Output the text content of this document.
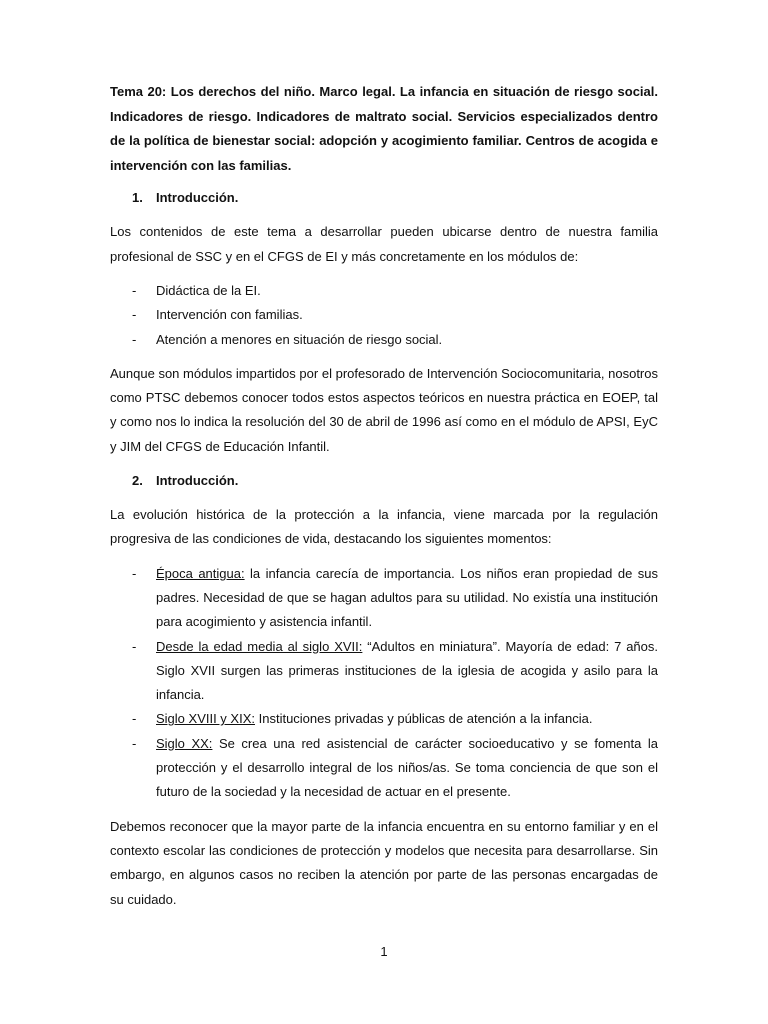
Tema 20: Los derechos del niño. Marco legal. La infancia en situación de riesgo social. Indicadores de riesgo. Indicadores de maltrato social. Servicios especializados dentro de la política de bienestar social: adopción y acogimiento familiar. Centros de acogida e intervención con las familias.

1. Introducción.

Los contenidos de este tema a desarrollar pueden ubicarse dentro de nuestra familia profesional de SSC y en el CFGS de EI y más concretamente en los módulos de:

- Didáctica de la EI.
- Intervención con familias.
- Atención a menores en situación de riesgo social.

Aunque son módulos impartidos por el profesorado de Intervención Sociocomunitaria, nosotros como PTSC debemos conocer todos estos aspectos teóricos en nuestra práctica en EOEP, tal y como nos lo indica la resolución del 30 de abril de 1996 así como en el módulo de APSI, EyC y JIM del CFGS de Educación Infantil.

2. Introducción.

La evolución histórica de la protección a la infancia, viene marcada por la regulación progresiva de las condiciones de vida, destacando los siguientes momentos:

- Época antigua: la infancia carecía de importancia. Los niños eran propiedad de sus padres. Necesidad de que se hagan adultos para su utilidad. No existía una institución para acogimiento y asistencia infantil.
- Desde la edad media al siglo XVII: “Adultos en miniatura”. Mayoría de edad: 7 años. Siglo XVII surgen las primeras instituciones de la iglesia de acogida y asilo para la infancia.
- Siglo XVIII y XIX: Instituciones privadas y públicas de atención a la infancia.
- Siglo XX: Se crea una red asistencial de carácter socioeducativo y se fomenta la protección y el desarrollo integral de los niños/as. Se toma conciencia de que son el futuro de la sociedad y la necesidad de actuar en el presente.

Debemos reconocer que la mayor parte de la infancia encuentra en su entorno familiar y en el contexto escolar las condiciones de protección y modelos que necesita para desarrollarse. Sin embargo, en algunos casos no reciben la atención por parte de las personas encargadas de su cuidado.

1
